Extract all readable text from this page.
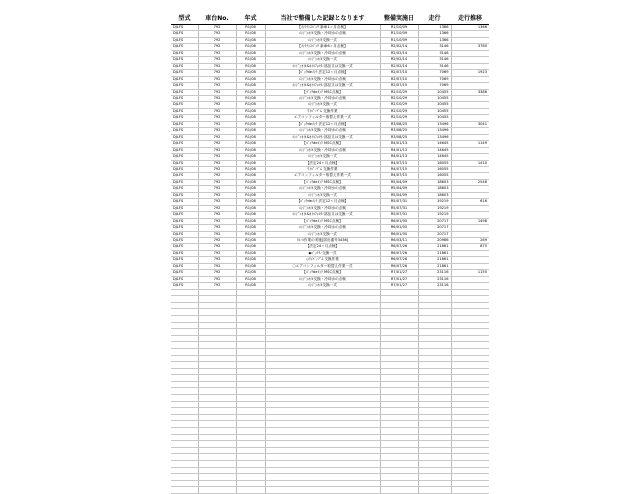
型式	車台No.	年式	当社で整備した記録となります	整備実施日	走行	走行推移
DJLFS	792	R1/08	【ﾒﾝﾃﾅﾝｽﾊﾟｯｸ 新車1ヶ月点検】	R1/10/09	1366	1366
DJLFS	792	R1/08	ｴﾝｼﾞﾝｵｲﾙ交換・冷却水の点検	R1/10/09	1366	
DJLFS	792	R1/08	ｴﾝｼﾞﾝｵｲﾙ交換一式	R1/10/09	1366	
DJLFS	792	R1/08	【ﾒﾝﾃﾅﾝｽﾊﾟｯｸ 新車6ヶ月点検】	R2/02/14	3146	3780
DJLFS	792	R1/08	ｴﾝｼﾞﾝｵｲﾙ交換・冷却水の点検	R2/02/14	3146	
DJLFS	792	R1/08	ｴﾝｼﾞﾝｵｲﾙ交換一式	R2/02/14	3146	
DJLFS	792	R1/08	ｴﾝｼﾞﾝｵｲﾙ&ｵｲﾙﾌｨﾙﾀｰ部品又は交換一式	R2/02/14	3146	
DJLFS	792	R1/08	【ﾊﾟｯｸdeﾒﾝﾃ 法定12ヶ月点検】	R2/07/10	7069	1923
DJLFS	792	R1/08	ｴﾝｼﾞﾝｵｲﾙ交換・冷却水の点検	R2/07/10	7069	
DJLFS	792	R1/08	ｴﾝｼﾞﾝｵｲﾙ&ｵｲﾙﾌｨﾙﾀｰ部品又は交換一式	R2/07/10	7069	
DJLFS	792	R1/08	【ﾊﾟｯｸdeﾒﾝﾃ MSC点検】	R2/10/29	10455	3386
DJLFS	792	R1/08	ｴﾝｼﾞﾝｵｲﾙ交換・冷却水の点検	R2/10/29	10455	
DJLFS	792	R1/08	ｴﾝｼﾞﾝｵｲﾙ交換一式	R2/10/29	10455	
DJLFS	792	R1/08	ﾜｲﾊﾟｰｿﾞﾑ 交換作業	R2/10/29	10455	
DJLFS	792	R1/08	エアコンフィルター取替え作業一式	R2/10/29	10455	
DJLFS	792	R1/08	【ﾊﾟｯｸdeﾒﾝﾃ 法定12ヶ月点検】	R3/08/25	13496	3041
DJLFS	792	R1/08	ｴﾝｼﾞﾝｵｲﾙ交換・冷却水の点検	R3/08/25	13496	
DJLFS	792	R1/08	ｴﾝｼﾞﾝｵｲﾙ&ｵｲﾙﾌｨﾙﾀｰ部品又は交換一式	R3/08/25	13496	
DJLFS	792	R1/08	【ﾊﾟｯｸdeﾒﾝﾃ MSC点検】	R4/01/13	14645	1149
DJLFS	792	R1/08	ｴﾝｼﾞﾝｵｲﾙ交換・冷却水の点検	R4/01/13	14645	
DJLFS	792	R1/08	ｴﾝｼﾞﾝｵｲﾙ交換一式	R4/01/13	14645	
DJLFS	792	R1/08	【法定24ヶ月点検】	R4/07/15	16055	1410
DJLFS	792	R1/08	ﾜｲﾊﾟｰｿﾞﾑ 交換作業	R4/07/15	16055	
DJLFS	792	R1/08	エアコンフィルター取替え作業一式	R4/07/15	16055	
DJLFS	792	R1/08	【ﾊﾟｯｸdeﾒﾝﾃ MSC点検】	R5/04/09	18603	2548
DJLFS	792	R1/08	ｴﾝｼﾞﾝｵｲﾙ交換・冷却水の点検	R5/04/09	18603	
DJLFS	792	R1/08	ｴﾝｼﾞﾝｵｲﾙ交換一式	R5/04/09	18603	
DJLFS	792	R1/08	【ﾊﾟｯｸdeﾒﾝﾃ 法定12ヶ月点検】	R5/07/31	19219	616
DJLFS	792	R1/08	ｴﾝｼﾞﾝｵｲﾙ交換・冷却水の点検	R5/07/31	19219	
DJLFS	792	R1/08	ｴﾝｼﾞﾝｵｲﾙ&ｵｲﾙﾌｨﾙﾀｰ部品又は交換一式	R5/07/31	19219	
DJLFS	792	R1/08	【ﾊﾟｯｸdeﾒﾝﾃ MSC点検】	R6/01/05	20717	1498
DJLFS	792	R1/08	ｴﾝｼﾞﾝｵｲﾙ交換・冷却水の点検	R6/01/05	20717	
DJLFS	792	R1/08	ｴﾝｼﾞﾝｵｲﾙ交換一式	R6/01/05	20717	
DJLFS	792	R1/08	ﾘｺｰﾙ作業の実施[届出番号3436]	R6/03/11	20986	269
DJLFS	792	R1/08	【法定24ヶ月点検】	R6/07/26	21861	875
DJLFS	792	R1/08	◆ﾊﾞｯﾃﾘｰ交換一式	R6/07/26	21861	
DJLFS	792	R1/08	◇ﾜｲﾊﾟｰｿﾞﾑ 交換作業	R6/07/26	21861	
DJLFS	792	R1/08	○エアコンフィルター取替え作業一式	R6/07/26	21861	
DJLFS	792	R1/08	【ﾊﾟｯｸdeﾒﾝﾃ MSC点検】	R7/01/27	23116	1155
DJLFS	792	R1/08	ｴﾝｼﾞﾝｵｲﾙ交換・冷却水の点検	R7/01/27	23116	
DJLFS	792	R1/08	ｴﾝｼﾞﾝｵｲﾙ交換一式	R7/01/27	23116	
